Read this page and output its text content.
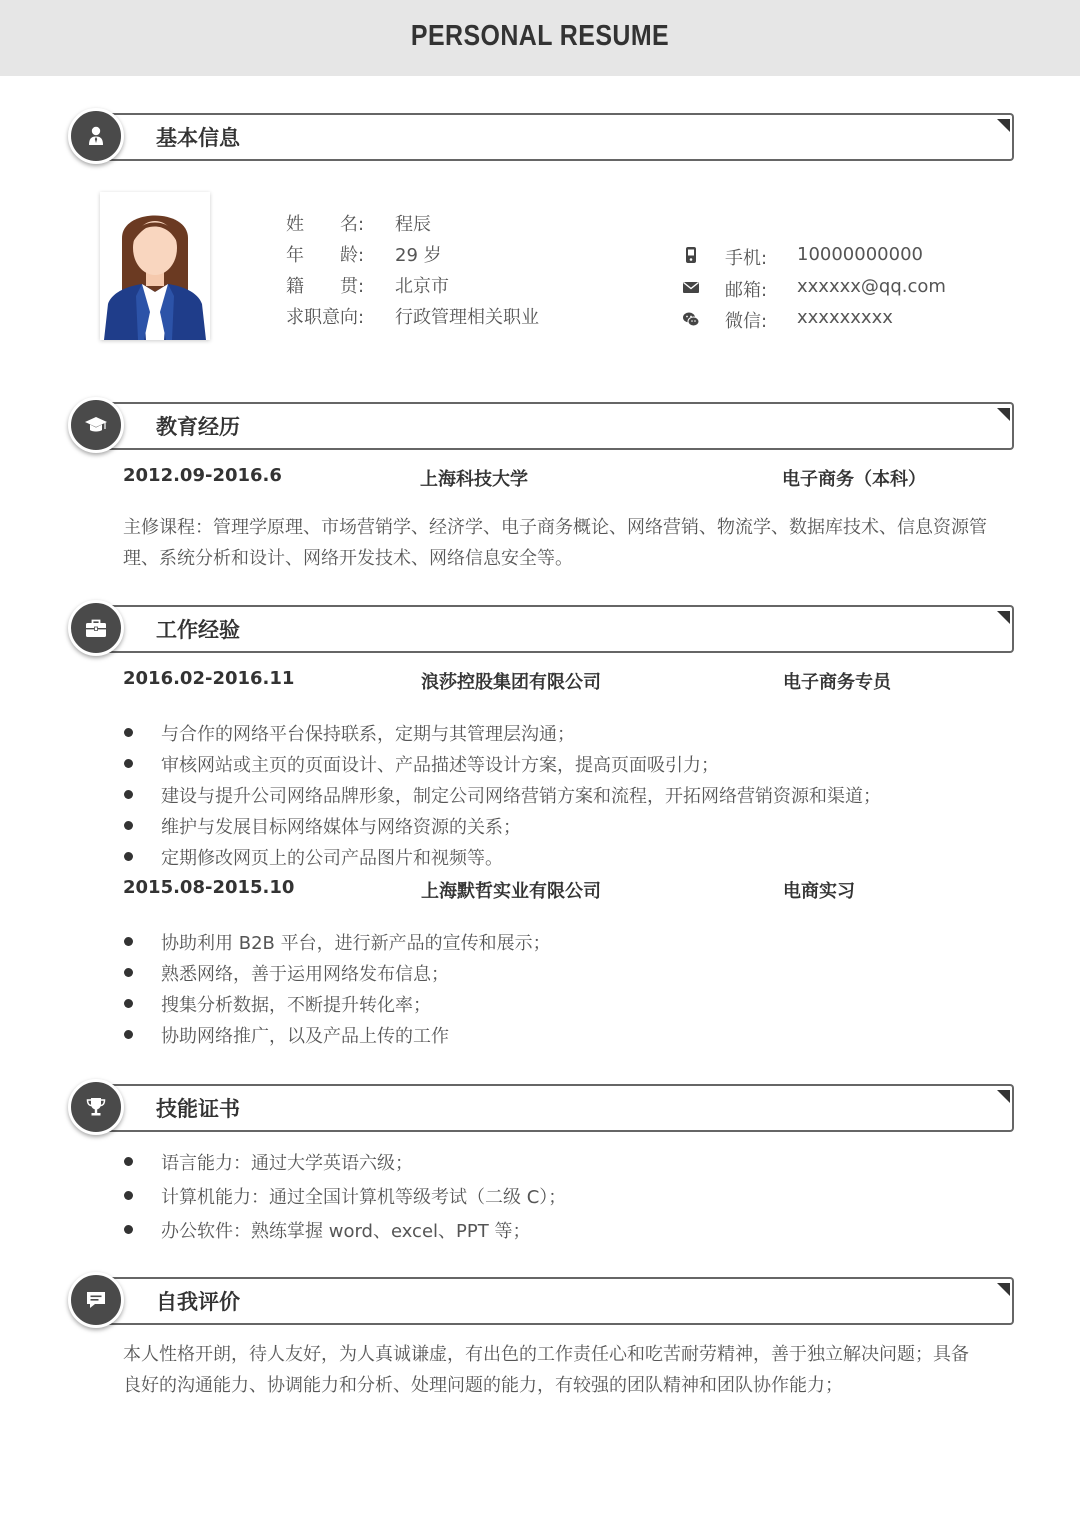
PERSONAL RESUME
基本信息
姓　　名: 程辰
年　　龄: 29 岁
籍　　贯: 北京市
求职意向: 行政管理相关职业
手机: 10000000000
邮箱: xxxxxx@qq.com
微信: xxxxxxxxx
教育经历
2012.09-2016.6	上海科技大学	电子商务（本科）
主修课程：管理学原理、市场营销学、经济学、电子商务概论、网络营销、物流学、数据库技术、信息资源管
理、系统分析和设计、网络开发技术、网络信息安全等。
工作经验
2016.02-2016.11	浪莎控股集团有限公司	电子商务专员
与合作的网络平台保持联系，定期与其管理层沟通；
审核网站或主页的页面设计、产品描述等设计方案，提高页面吸引力；
建设与提升公司网络品牌形象，制定公司网络营销方案和流程，开拓网络营销资源和渠道；
维护与发展目标网络媒体与网络资源的关系；
定期修改网页上的公司产品图片和视频等。
2015.08-2015.10	上海默哲实业有限公司	电商实习
协助利用 B2B 平台，进行新产品的宣传和展示；
熟悉网络，善于运用网络发布信息；
搜集分析数据，不断提升转化率；
协助网络推广，以及产品上传的工作
技能证书
语言能力：通过大学英语六级；
计算机能力：通过全国计算机等级考试（二级 C）；
办公软件：熟练掌握 word、excel、PPT 等；
自我评价
本人性格开朗，待人友好，为人真诚谦虚，有出色的工作责任心和吃苦耐劳精神，善于独立解决问题；具备
良好的沟通能力、协调能力和分析、处理问题的能力，有较强的团队精神和团队协作能力；
